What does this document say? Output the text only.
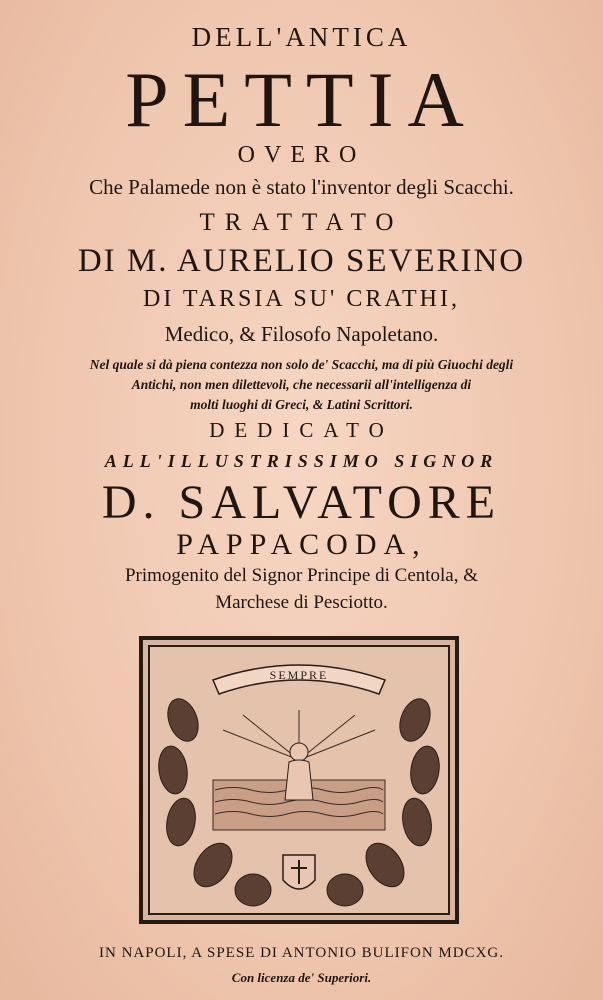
DELL'ANTICA
PETTIA
OVERO
Che Palamede non è stato l'inventor degli Scacchi.
TRATTATO
DI M. AURELIO SEVERINO
DI TARSIA SU' CRATHI,
Medico, & Filosofo Napoletano.
Nel quale si dà piena contezza non solo de' Scacchi, ma di più Giuochi degli
Antichi, non men dilettevoli, che necessarii all'intelligenza di
molti luoghi di Greci, & Latini Scrittori.
DEDICATO
ALL'ILLUSTRISSIMO SIGNOR
D. SALVATORE
PAPPACODA,
Primogenito del Signor Principe di Centola, &
Marchese di Pesciotto.
SEMPRE
IN NAPOLI, A SPESE DI ANTONIO BULIFON MDCXG.
Con licenza de' Superiori.
